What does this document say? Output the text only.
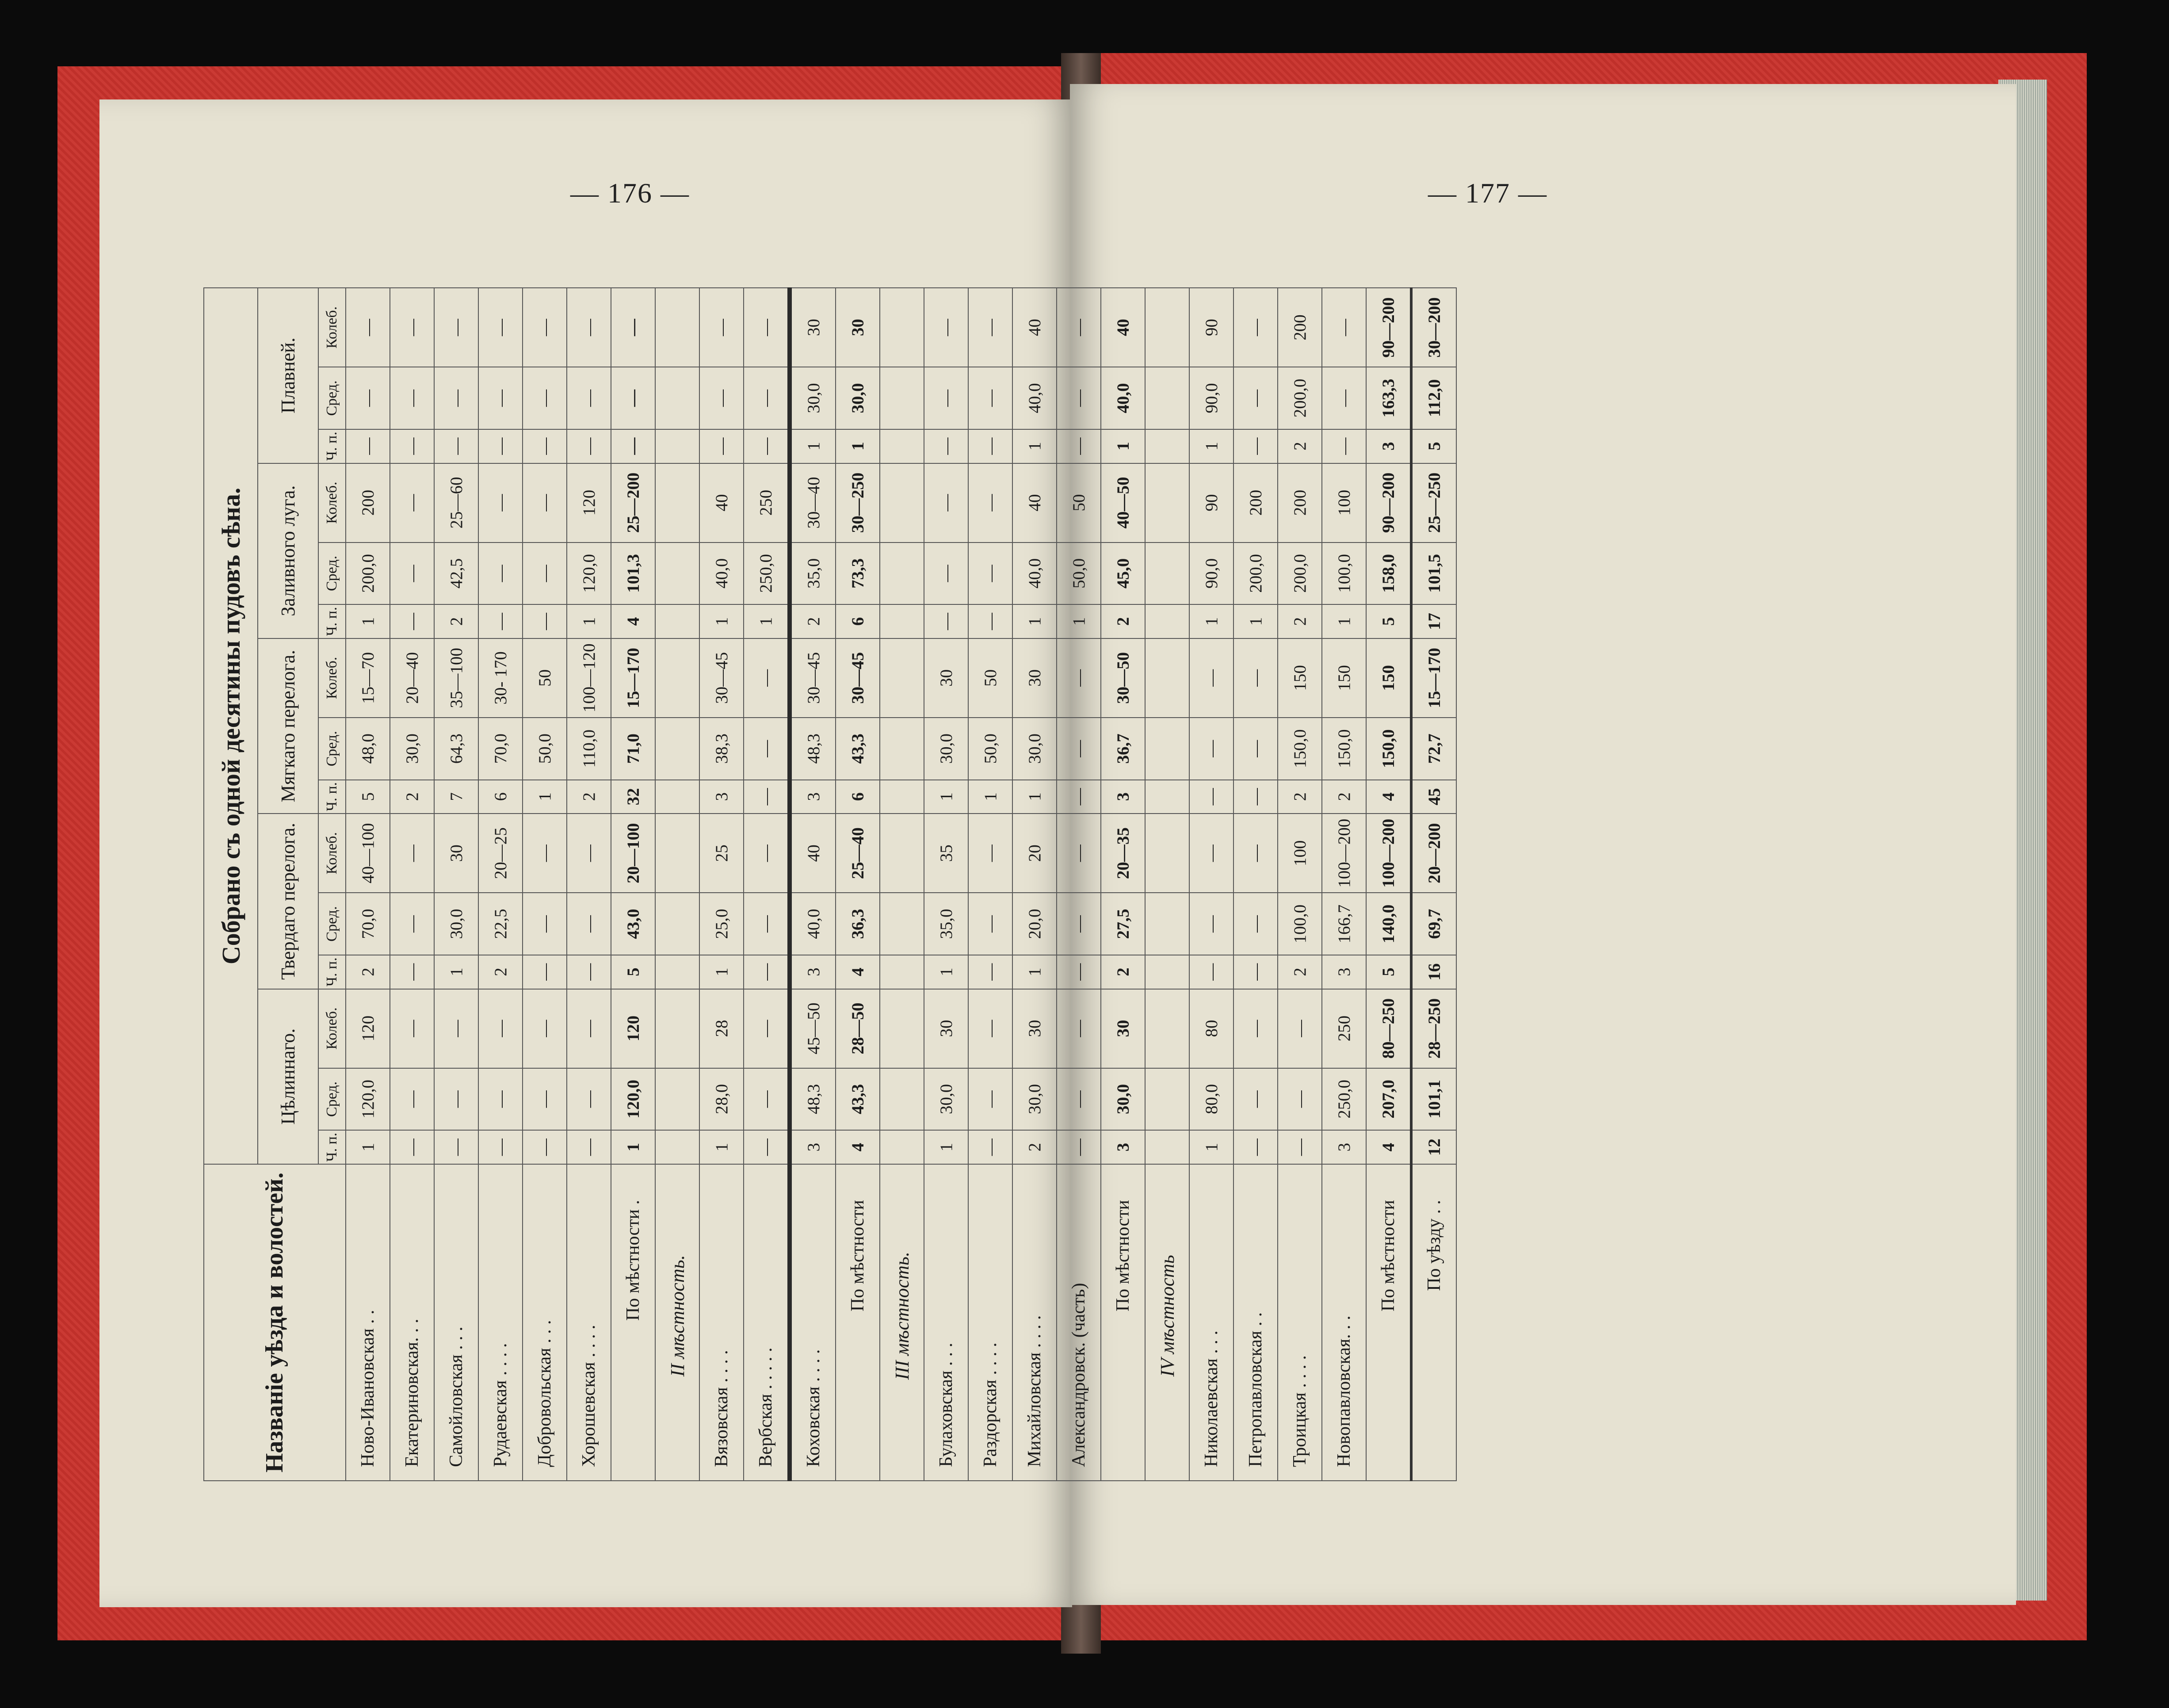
— 176 —	— 177 —
Названіе уѣзда и волостей.	Собрано съ одной десятины пудовъ сѣна.														
	Цѣлиннаго.			Твердаго перелога.			Мягкаго перелога.			Заливного луга.			Плавней.		
	Ч. п.	Сред.	Колеб.	Ч. п.	Сред.	Колеб.	Ч. п.	Сред.	Колеб.	Ч. п.	Сред.	Колеб.	Ч. п.	Сред.	Колеб.
Ново-Ивановская . .	1	120,0	120	2	70,0	40—100	5	48,0	15—70	1	200,0	200	—	—	—
Екатериновская. . .	—	—	—	—	—	—	2	30,0	20—40	—	—	—	—	—	—
Самойловская . . .	—	—	—	1	30,0	30	7	64,3	35—100	2	42,5	25—60	—	—	—
Рудаевская . . . .	—	—	—	2	22,5	20—25	6	70,0	30- 170	—	—	—	—	—	—
Добровольская . . .	—	—	—	—	—	—	1	50,0	50	—	—	—	—	—	—
Хорошевская . . . .	—	—	—	—	—	—	2	110,0	100—120	1	120,0	120	—	—	—
По мѣстности .	1	120,0	120	5	43,0	20—100	32	71,0	15—170	4	101,3	25—200	—	—	—
II мѣстность.															
Вязовская . . . .	1	28,0	28	1	25,0	25	3	38,3	30—45	1	40,0	40	—	—	—
Вербская . . . . .	—	—	—	—	—	—	—	—	—	1	250,0	250	—	—	—
Коховская . . . .	3	48,3	45—50	3	40,0	40	3	48,3	30—45	2	35,0	30—40	1	30,0	30
По мѣстности	4	43,3	28—50	4	36,3	25—40	6	43,3	30—45	6	73,3	30—250	1	30,0	30
III мѣстность.															
Булаховская . . .	1	30,0	30	1	35,0	35	1	30,0	30	—	—	—	—	—	—
Раздорская . . . .	—	—	—	—	—	—	1	50,0	50	—	—	—	—	—	—
Михайловская . . . .	2	30,0	30	1	20,0	20	1	30,0	30	1	40,0	40	1	40,0	40
Александровск. (часть)	—	—	—	—	—	—	—	—	—	1	50,0	50	—	—	—
По мѣстности	3	30,0	30	2	27,5	20—35	3	36,7	30—50	2	45,0	40—50	1	40,0	40
IV мѣстность															
Николаевская . . .	1	80,0	80	—	—	—	—	—	—	1	90,0	90	1	90,0	90
Петропавловская . .	—	—	—	—	—	—	—	—	—	1	200,0	200	—	—	—
Троицкая . . . .	—	—	—	2	100,0	100	2	150,0	150	2	200,0	200	2	200,0	200
Новопавловская. . .	3	250,0	250	3	166,7	100—200	2	150,0	150	1	100,0	100	—	—	—
По мѣстности	4	207,0	80—250	5	140,0	100—200	4	150,0	150	5	158,0	90—200	3	163,3	90—200
По уѣзду . .	12	101,1	28—250	16	69,7	20—200	45	72,7	15—170	17	101,5	25—250	5	112,0	30—200
